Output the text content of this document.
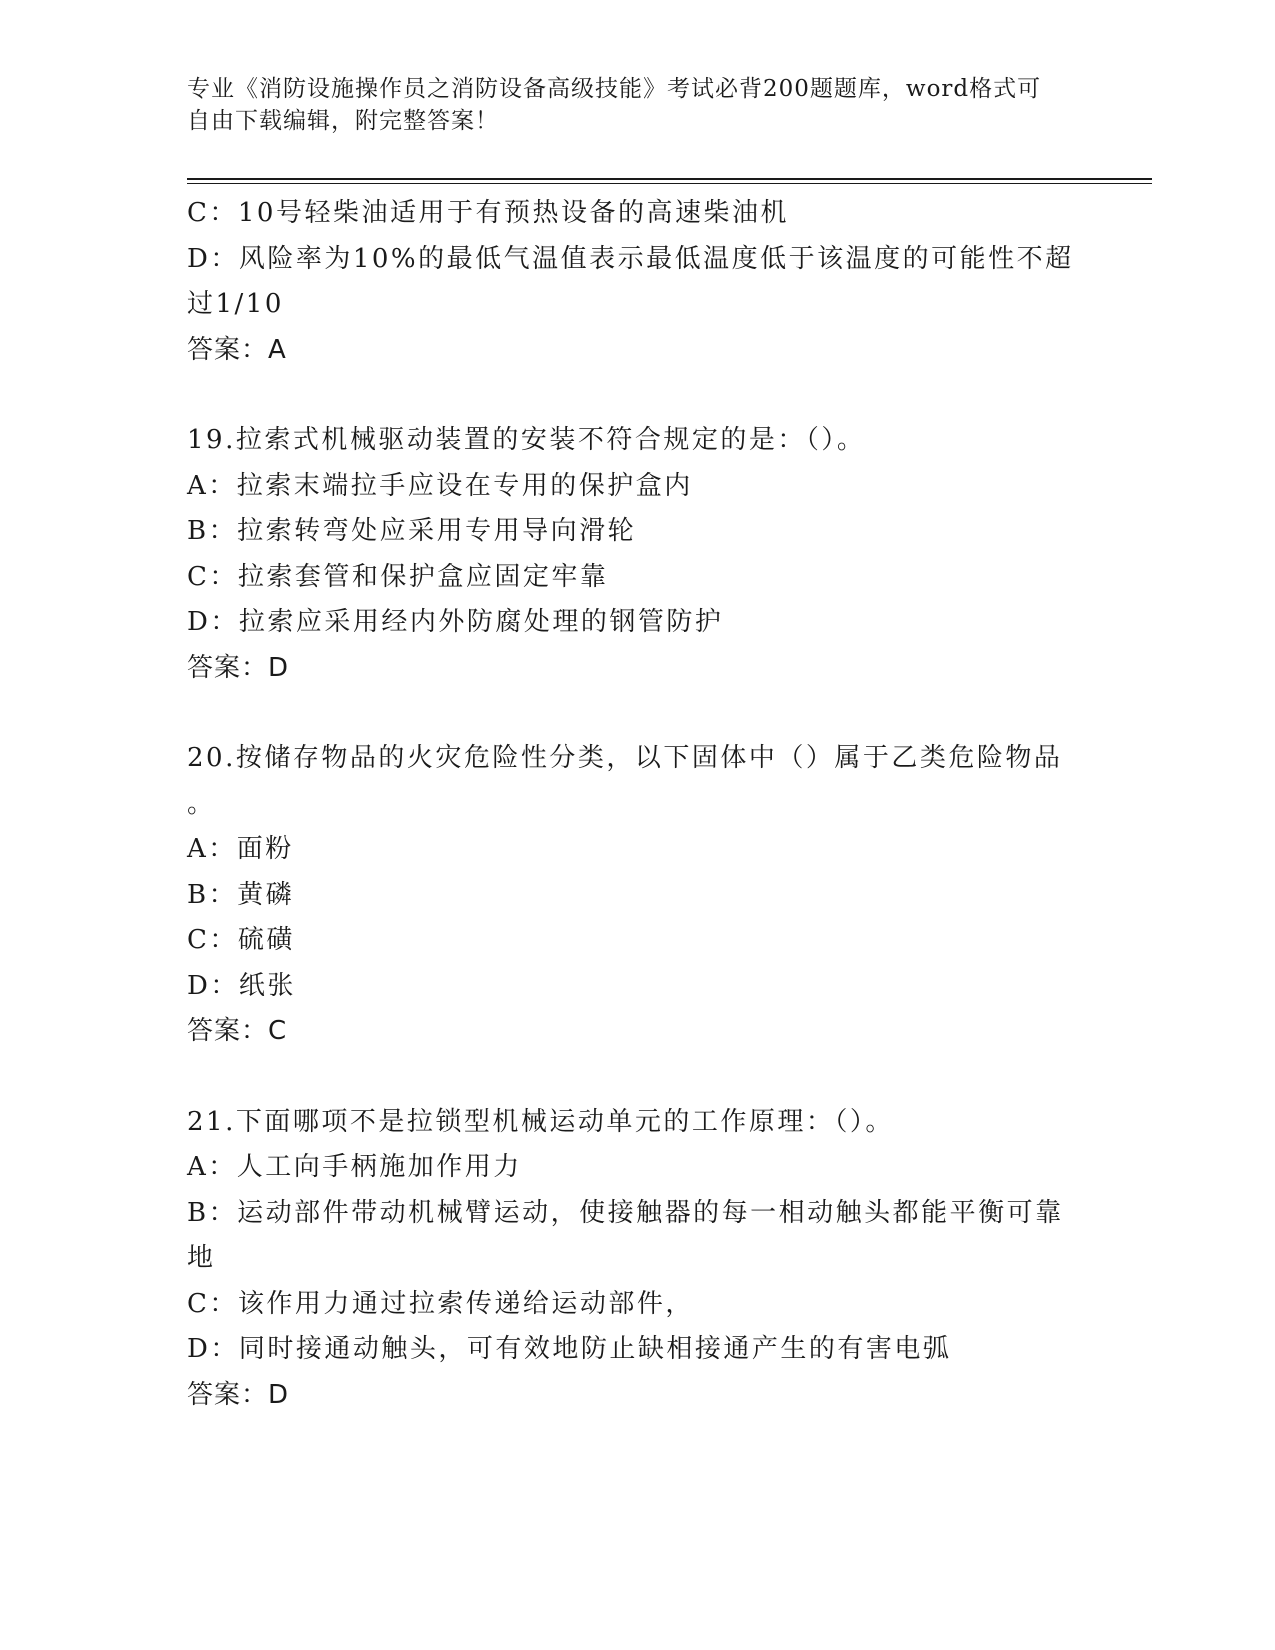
专业《消防设施操作员之消防设备高级技能》考试必背200题题库，word格式可
自由下载编辑，附完整答案！
C：10号轻柴油适用于有预热设备的高速柴油机
D：风险率为10%的最低气温值表示最低温度低于该温度的可能性不超
过1/10
答案：A
19.拉索式机械驱动装置的安装不符合规定的是：（）。
A：拉索末端拉手应设在专用的保护盒内
B：拉索转弯处应采用专用导向滑轮
C：拉索套管和保护盒应固定牢靠
D：拉索应采用经内外防腐处理的钢管防护
答案：D
20.按储存物品的火灾危险性分类，以下固体中（）属于乙类危险物品
。
A：面粉
B：黄磷
C：硫磺
D：纸张
答案：C
21.下面哪项不是拉锁型机械运动单元的工作原理：（）。
A：人工向手柄施加作用力
B：运动部件带动机械臂运动，使接触器的每一相动触头都能平衡可靠
地
C：该作用力通过拉索传递给运动部件，
D：同时接通动触头，可有效地防止缺相接通产生的有害电弧
答案：D
